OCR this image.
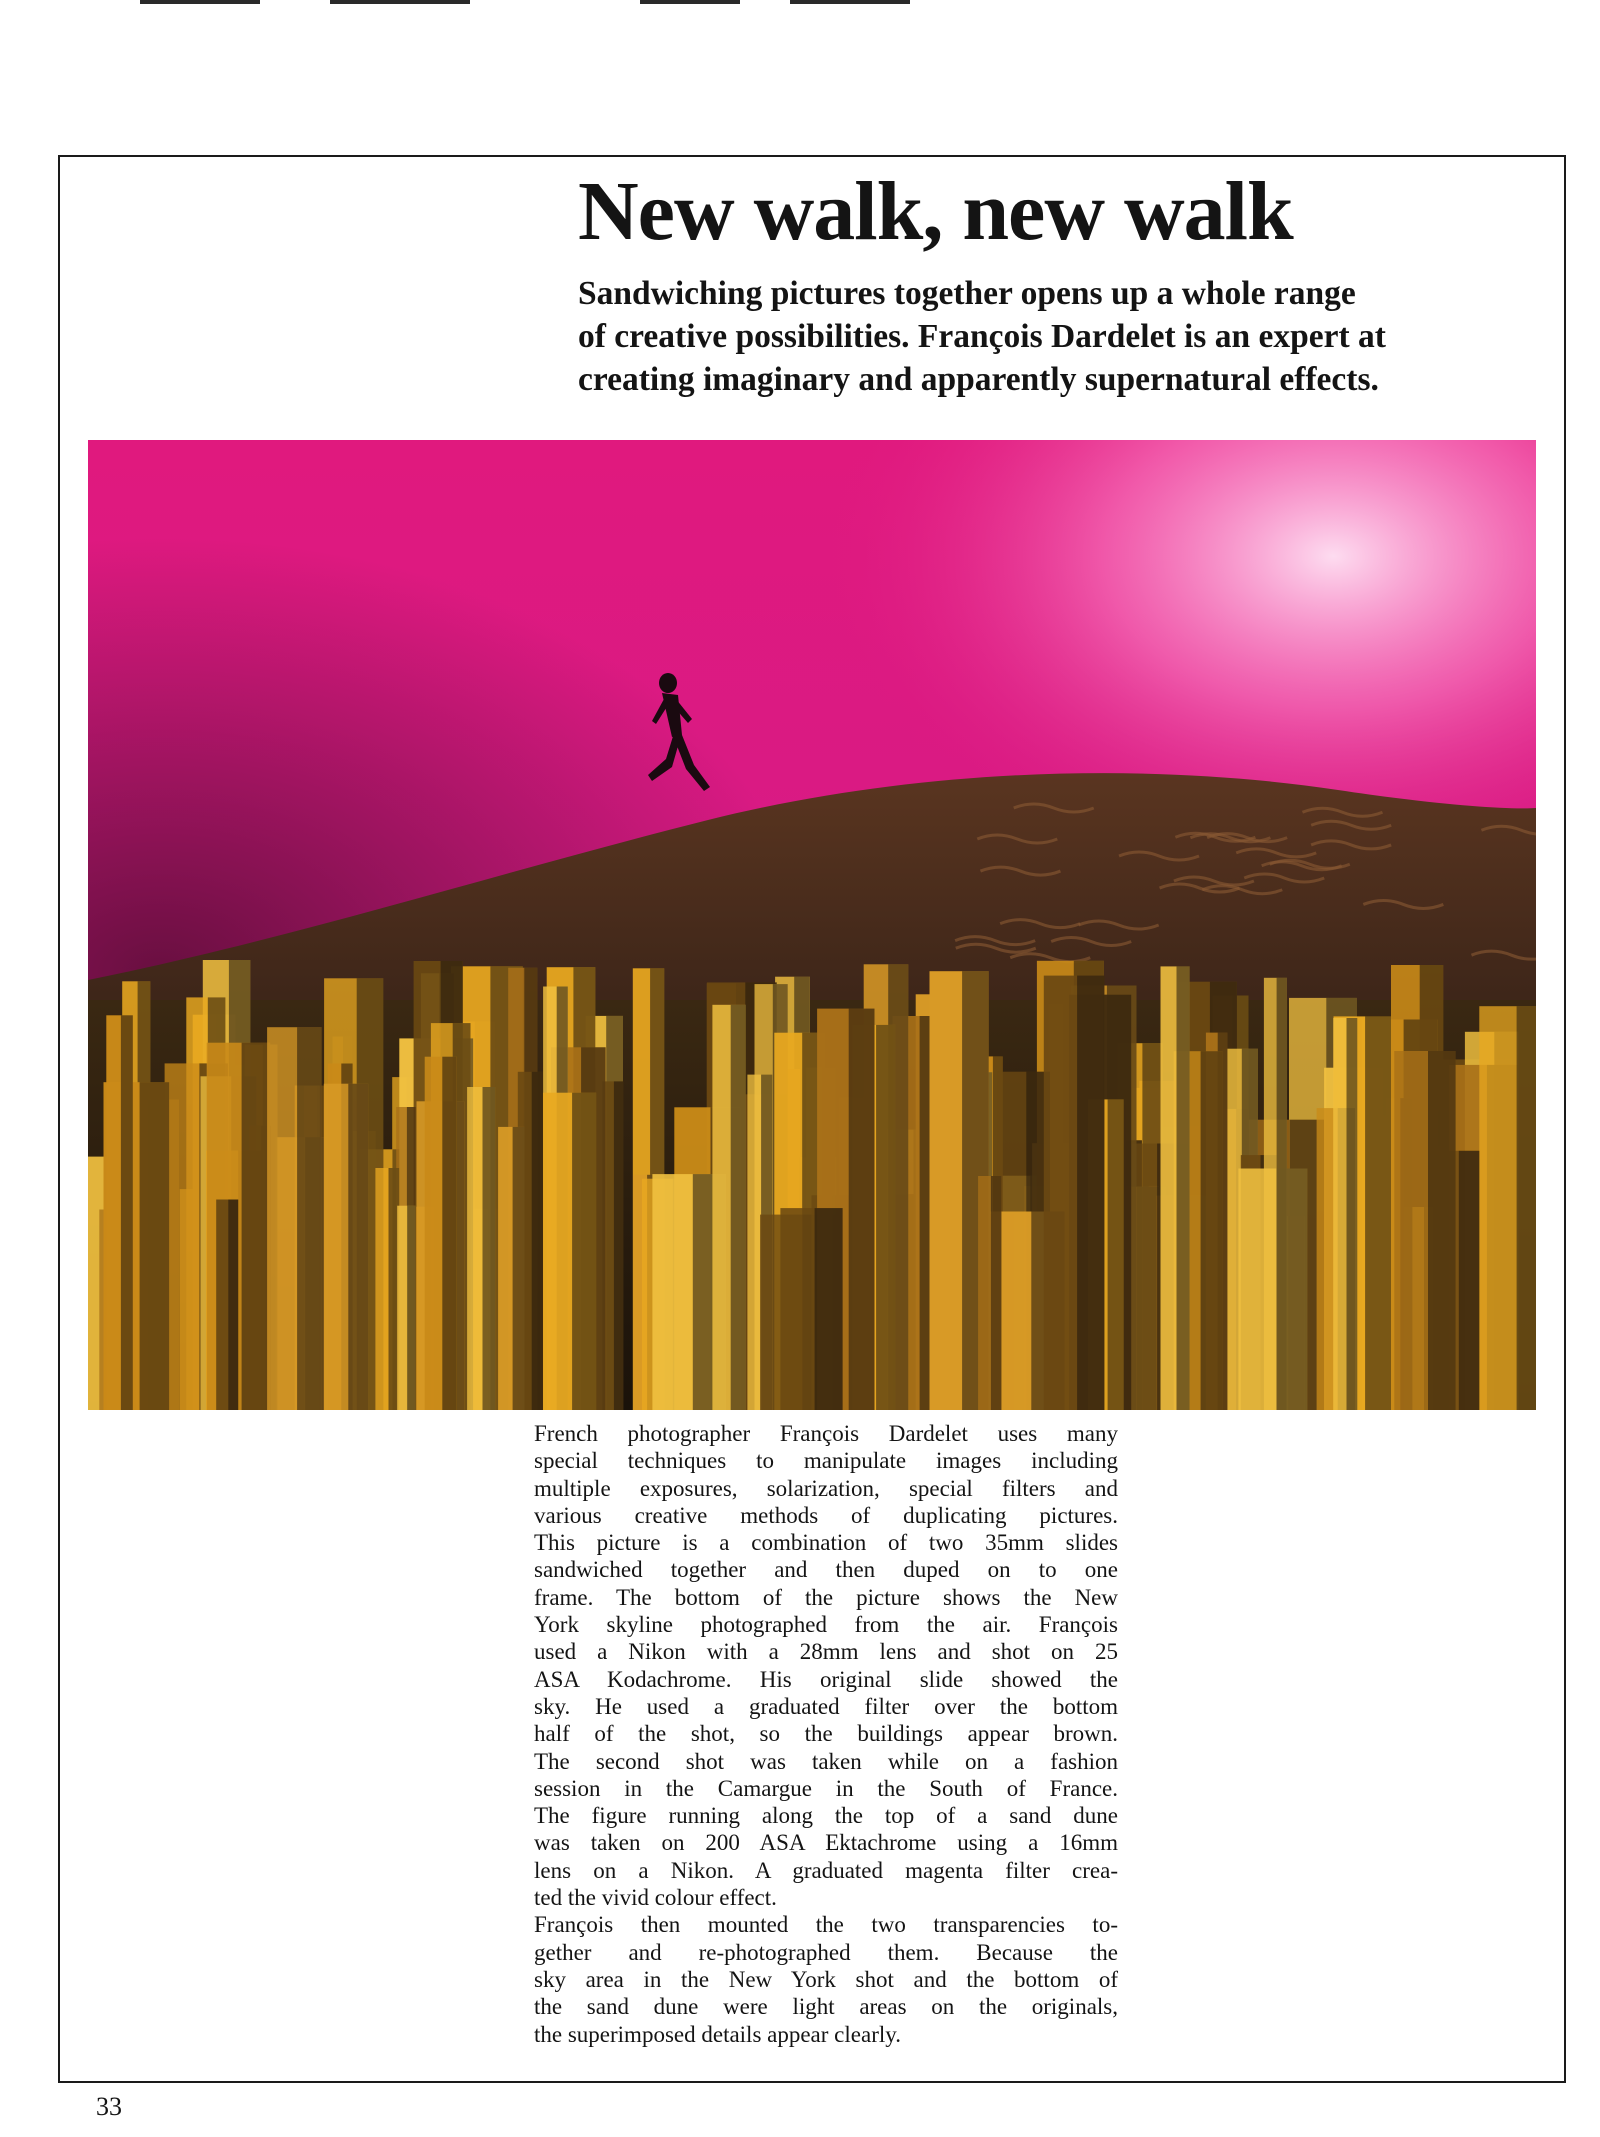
New walk, new walk
Sandwiching pictures together opens up a whole range
of creative possibilities. François Dardelet is an expert at
creating imaginary and apparently supernatural effects.
French photographer François Dardelet uses many
special techniques to manipulate images including
multiple exposures, solarization, special filters and
various creative methods of duplicating pictures.
This picture is a combination of two 35mm slides
sandwiched together and then duped on to one
frame. The bottom of the picture shows the New
York skyline photographed from the air. François
used a Nikon with a 28mm lens and shot on 25
ASA Kodachrome. His original slide showed the
sky. He used a graduated filter over the bottom
half of the shot, so the buildings appear brown.
The second shot was taken while on a fashion
session in the Camargue in the South of France.
The figure running along the top of a sand dune
was taken on 200 ASA Ektachrome using a 16mm
lens on a Nikon. A graduated magenta filter crea-
ted the vivid colour effect.
François then mounted the two transparencies to-
gether and re-photographed them. Because the
sky area in the New York shot and the bottom of
the sand dune were light areas on the originals,
the superimposed details appear clearly.
33
